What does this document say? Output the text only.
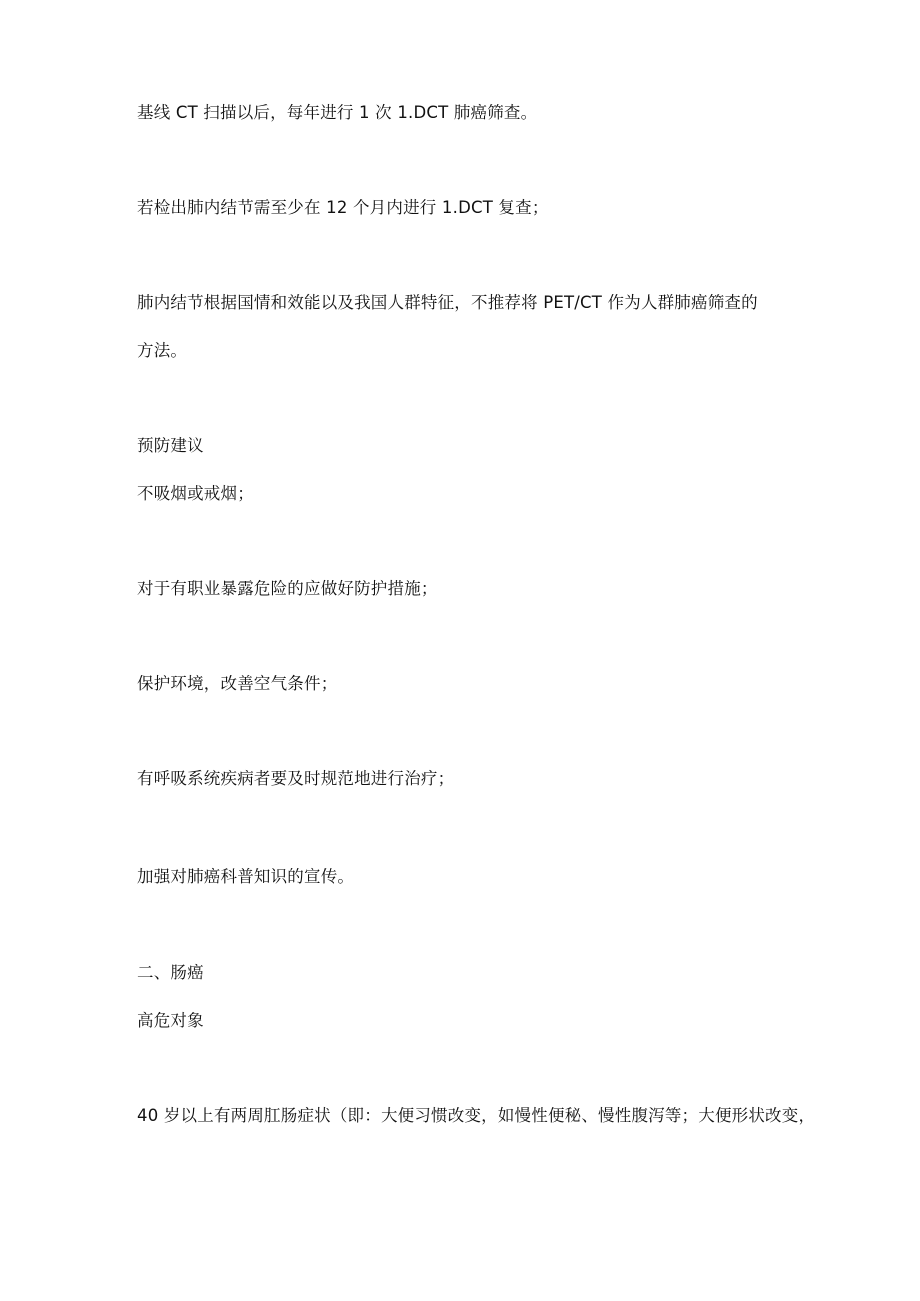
基线 CT 扫描以后，每年进行 1 次 1.DCT 肺癌筛查。
若检出肺内结节需至少在 12 个月内进行 1.DCT 复查；
肺内结节根据国情和效能以及我国人群特征，不推荐将 PET/CT 作为人群肺癌筛查的
方法。
预防建议
不吸烟或戒烟；
对于有职业暴露危险的应做好防护措施；
保护环境，改善空气条件；
有呼吸系统疾病者要及时规范地进行治疗；
加强对肺癌科普知识的宣传。
二、肠癌
高危对象
40 岁以上有两周肛肠症状（即：大便习惯改变，如慢性便秘、慢性腹泻等；大便形状改变，
